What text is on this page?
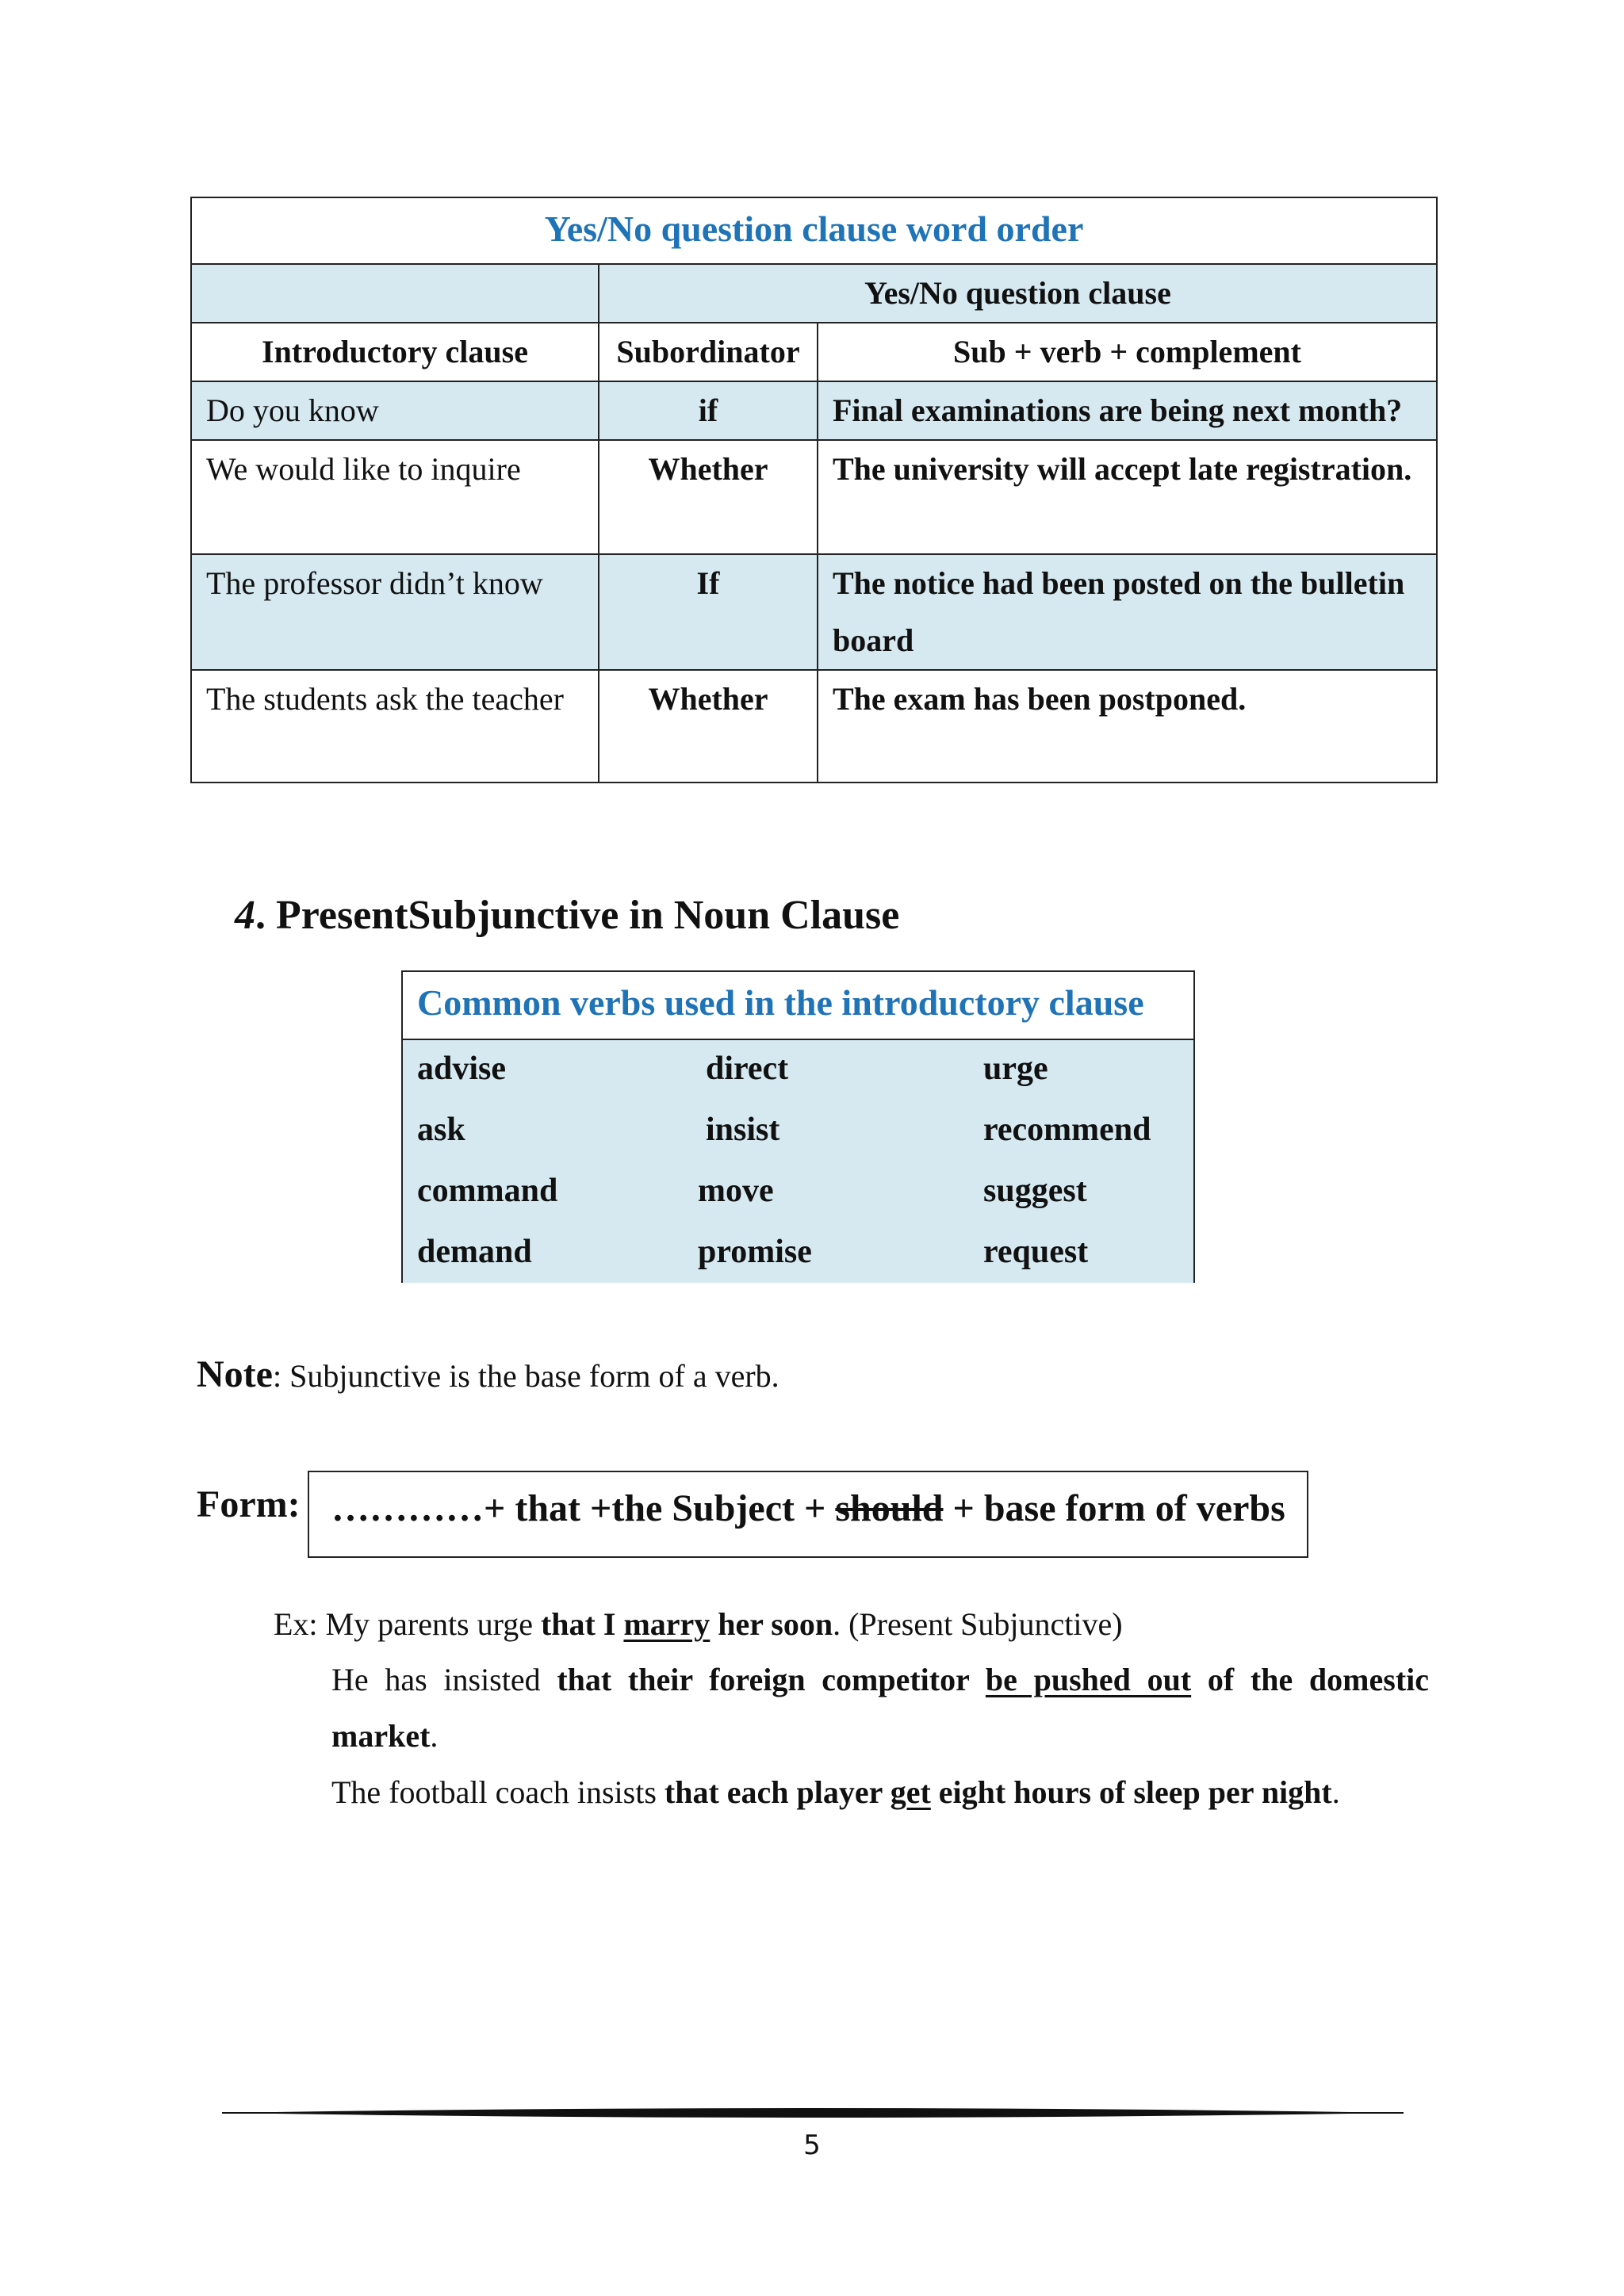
Yes/No question clause word order		
	Yes/No question clause	
Introductory clause	Subordinator	Sub + verb + complement
Do you know	if	Final examinations are being next month?
We would like to inquire	Whether	The university will accept late registration.
The professor didn’t know	If	The notice had been posted on the bulletin board
The students ask the teacher	Whether	The exam has been postponed.
4. PresentSubjunctive in Noun Clause
Common verbs used in the introductory clause
advise	direct	urge
ask	insist	recommend
command	move	suggest
demand	promise	request
Note: Subjunctive is the base form of a verb.
Form: …………+ that +the Subject + should + base form of verbs
Ex: My parents urge that I marry her soon. (Present Subjunctive)
He has insisted that their foreign competitor be pushed out of the domestic
market.
The football coach insists that each player get eight hours of sleep per night.
5
